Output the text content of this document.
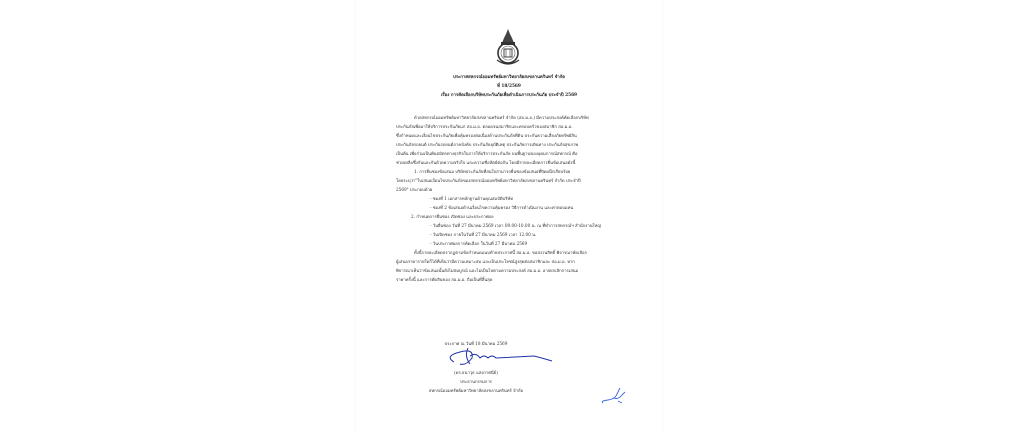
ประกาศสหกรณ์ออมทรัพย์มหาวิทยาลัยสงขลานครินทร์ จำกัด
ที่ 18/2569
เรื่อง การคัดเลือกบริษัทประกันภัยเพื่อดำเนินการประกันภัย ประจำปี 2569
ด้วยสหกรณ์ออมทรัพย์มหาวิทยาลัยสงขลานครินทร์ จำกัด (สอ.ม.อ.) มีความประสงค์คัดเลือกบริษัท
ประกันภัยเพื่อมาให้บริการประกันภัยแก่ สอ.ม.อ. ตลอดจนสมาชิกและครอบครัวของสมาชิก สอ.ม.อ.
ซึ่งกำหนดและเงื่อนไขประกันภัยเพื่อคุ้มครองต่อเนื่องด้านประกันภัยที่ดิน ประกันความเสี่ยงภัยทรัพย์สิน
ประกันภัยรถยนต์ ประกันรถยนต์ภาคบังคับ ประกันภัยอุบัติเหตุ ประกันภัยการเดินทาง ประกันภัยสุขภาพ
เป็นต้น เพื่อร่วมเป็นพันธมิตรทางธุรกิจในการให้บริการประกันภัย บนพื้นฐานของอุดมการณ์สหกรณ์ คือ
ช่วยเหลือซึ่งกันและกันด้วยความจริงใจ และความซื่อสัตย์ต่อกัน โดยมีรายละเอียดการยื่นข้อเสนอดังนี้
1. การยื่นซองข้อเสนอ บริษัทประกันภัยที่สนใจสามารถยื่นซองข้อเสนอที่ปิดผนึกเรียบร้อย
โดยระบุว่า"ใบเสนอเงื่อนไขประกันภัยของสหกรณ์ออมทรัพย์มหาวิทยาลัยสงขลานครินทร์ จำกัด ประจำปี
2569" ประกอบด้วย
- ซองที่ 1 เอกสารหลักฐานด้านคุณสมบัติบริษัท
- ซองที่ 2 ข้อเสนอด้านเงื่อนไขความคุ้มครอง วิธีการดำเนินงาน และค่าตอบแทน
2. กำหนดการยื่นซอง เปิดซอง และประกาศผล
- วันยื่นซอง วันที่ 27 มีนาคม 2569 เวลา 09.00-10.00 น. ณ ที่ทำการสหกรณ์ฯ สำนักงานใหญ่
- วันเปิดซอง ภายในวันที่ 27 มีนาคม 2569 เวลา 12.00 น.
- วันประกาศผลการคัดเลือก ในวันที่ 27 มีนาคม 2569
ทั้งนี้รายละเอียดปรากฏตามข้อกำหนดแนบท้ายประกาศนี้ สอ.ม.อ. ขอสงวนสิทธิ์ พิจารณาคัดเลือก
ผู้เสนอราคารายใดก็ได้ที่เห็นว่ามีความเหมาะสม และเป็นประโยชน์สูงสุดต่อสมาชิกและ สอ.ม.อ. หาก
พิจารณาเห็นว่าข้อเสนอนั้นยังไม่สมบูรณ์ และไม่เป็นไปตามความประสงค์ สอ.ม.อ. อาจยกเลิกการเสนอ
ราคาครั้งนี้ และการตัดสินของ สอ.ม.อ. ถือเป็นที่สิ้นสุด
ประกาศ ณ วันที่ 18 มีนาคม 2569
(ดร.ธนาวุธ แสงกาศนีย์)
ประธานกรรมการ
สหกรณ์ออมทรัพย์มหาวิทยาลัยสงขลานครินทร์ จำกัด
